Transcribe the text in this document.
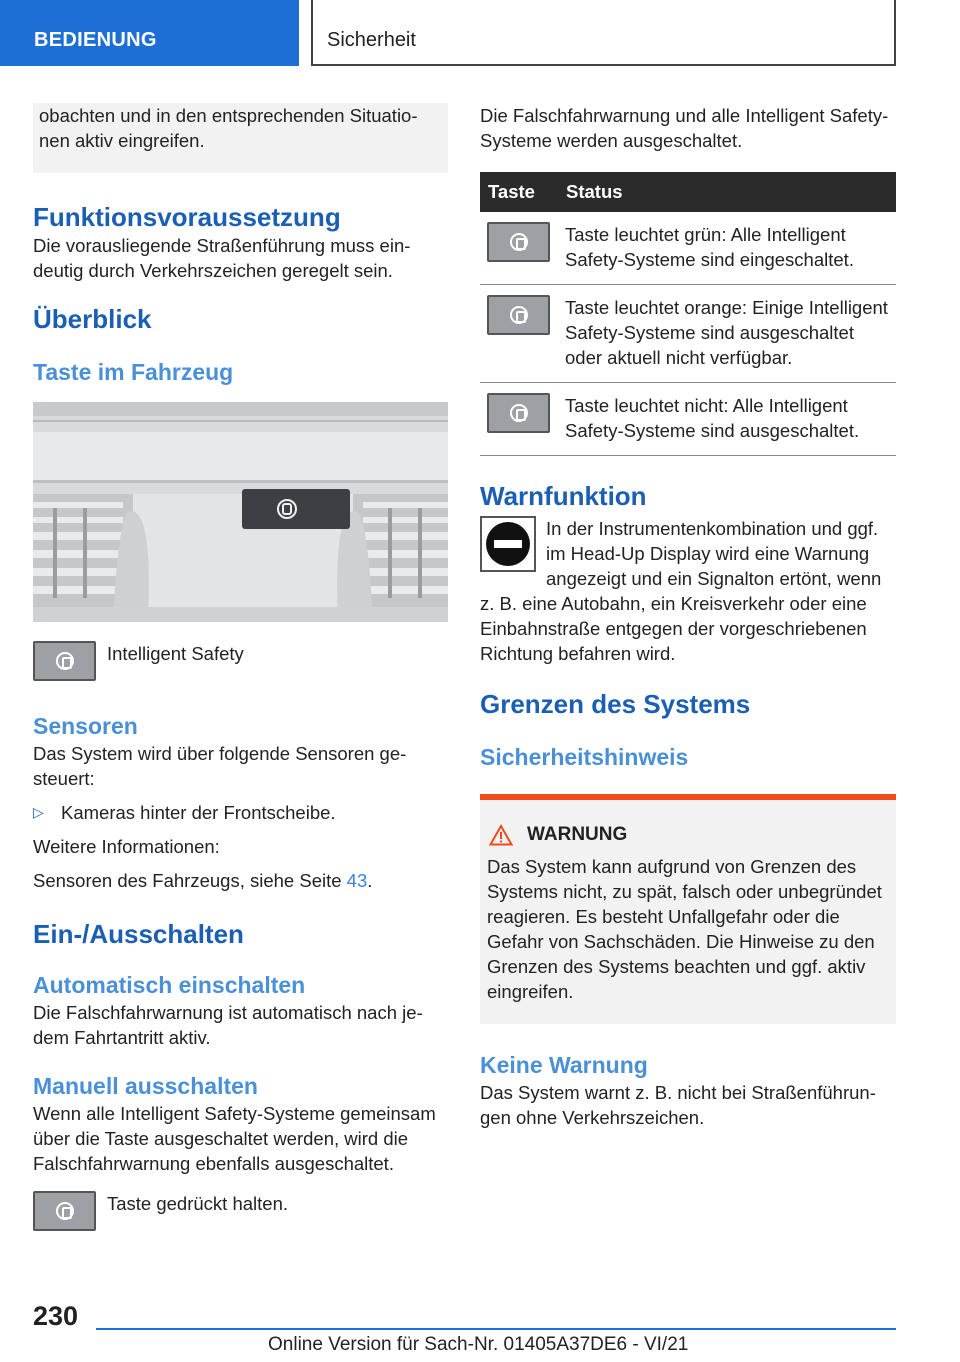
BEDIENUNG	Sicherheit

obachten und in den entsprechenden Situationen aktiv eingreifen.

Funktionsvoraussetzung

Die vorausliegende Straßenführung muss eindeutig durch Verkehrszeichen geregelt sein.

Überblick
Taste im Fahrzeug
Intelligent Safety
Sensoren

Das System wird über folgende Sensoren gesteuert:

▷ Kameras hinter der Frontscheibe.

Weitere Informationen:

Sensoren des Fahrzeugs, siehe Seite 43.

Ein-/Ausschalten
Automatisch einschalten

Die Falschfahrwarnung ist automatisch nach jedem Fahrtantritt aktiv.

Manuell ausschalten

Wenn alle Intelligent Safety-Systeme gemeinsam über die Taste ausgeschaltet werden, wird die Falschfahrwarnung ebenfalls ausgeschaltet.

Taste gedrückt halten.

Die Falschfahrwarnung und alle Intelligent Safety-Systeme werden ausgeschaltet.

Taste	Status

	Taste leuchtet grün: Alle Intelligent Safety-Systeme sind eingeschaltet.

	Taste leuchtet orange: Einige Intelligent Safety-Systeme sind ausgeschaltet oder aktuell nicht verfügbar.

	Taste leuchtet nicht: Alle Intelligent Safety-Systeme sind ausgeschaltet.
Warnfunktion

In der Instrumentenkombination und ggf. im Head-Up Display wird eine Warnung angezeigt und ein Signalton ertönt, wenn

z. B. eine Autobahn, ein Kreisverkehr oder eine Einbahnstraße entgegen der vorgeschriebenen Richtung befahren wird.

Grenzen des Systems
Sicherheitshinweis
WARNUNG

Das System kann aufgrund von Grenzen des Systems nicht, zu spät, falsch oder unbegründet reagieren. Es besteht Unfallgefahr oder die Gefahr von Sachschäden. Die Hinweise zu den Grenzen des Systems beachten und ggf. aktiv eingreifen.

Keine Warnung

Das System warnt z. B. nicht bei Straßenführungen ohne Verkehrszeichen.

230
Online Version für Sach-Nr. 01405A37DE6 - VI/21
